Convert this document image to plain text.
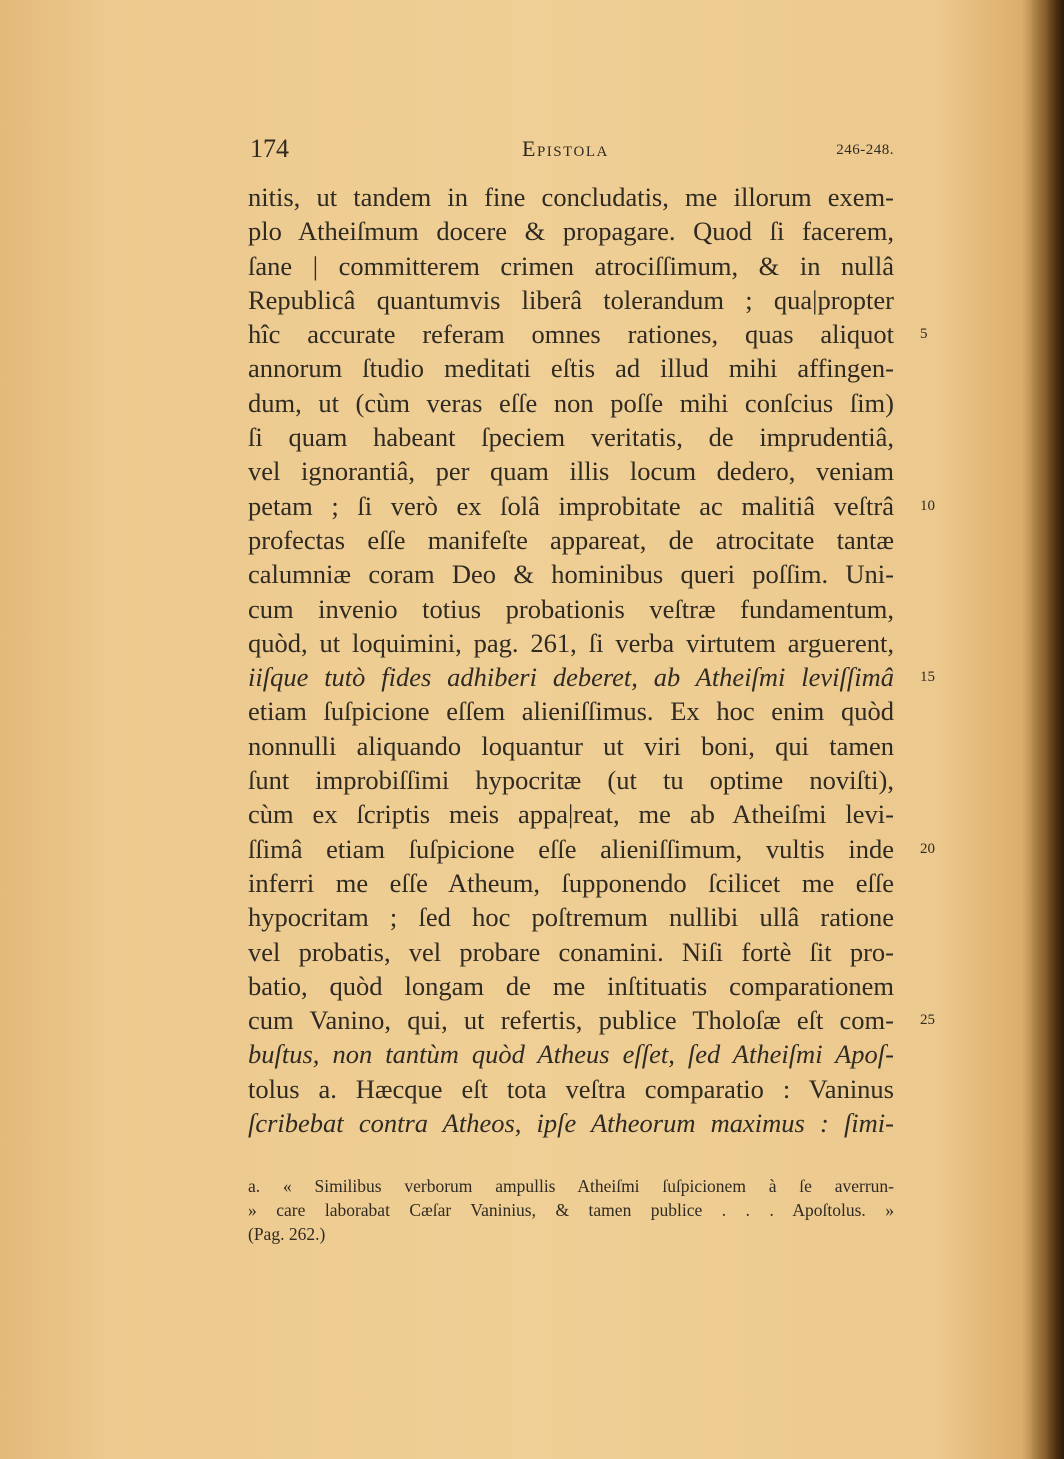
174	Epistola	246-248.
nitis, ut tandem in fine concludatis, me illorum exem-
plo Atheiſmum docere & propagare. Quod ſi facerem,
ſane | committerem crimen atrociſſimum, & in nullâ
Republicâ quantumvis liberâ tolerandum ; qua|propter
hîc accurate referam omnes rationes, quas aliquot
annorum ſtudio meditati eſtis ad illud mihi affingen-
dum, ut (cùm veras eſſe non poſſe mihi conſcius ſim)
ſi quam habeant ſpeciem veritatis, de imprudentiâ,
vel ignorantiâ, per quam illis locum dedero, veniam
petam ; ſi verò ex ſolâ improbitate ac malitiâ veſtrâ
profectas eſſe manifeſte appareat, de atrocitate tantæ
calumniæ coram Deo & hominibus queri poſſim. Uni-
cum invenio totius probationis veſtræ fundamentum,
quòd, ut loquimini, pag. 261, ſi verba virtutem arguerent,
iiſque tutò fides adhiberi deberet, ab Atheiſmi leviſſimâ
etiam ſuſpicione eſſem alieniſſimus. Ex hoc enim quòd
nonnulli aliquando loquantur ut viri boni, qui tamen
ſunt improbiſſimi hypocritæ (ut tu optime noviſti),
cùm ex ſcriptis meis appa|reat, me ab Atheiſmi levi-
ſſimâ etiam ſuſpicione eſſe alieniſſimum, vultis inde
inferri me eſſe Atheum, ſupponendo ſcilicet me eſſe
hypocritam ; ſed hoc poſtremum nullibi ullâ ratione
vel probatis, vel probare conamini. Niſi fortè ſit pro-
batio, quòd longam de me inſtituatis comparationem
cum Vanino, qui, ut refertis, publice Tholoſæ eſt com-
buſtus, non tantùm quòd Atheus eſſet, ſed Atheiſmi Apoſ-
tolus a. Hæcque eſt tota veſtra comparatio : Vaninus
ſcribebat contra Atheos, ipſe Atheorum maximus : ſimi-
5
10
15
20
25
a. « Similibus verborum ampullis Atheiſmi ſuſpicionem à ſe averrun-
» care laborabat Cæſar Vaninius, & tamen publice . . . Apoſtolus. »
(Pag. 262.)
